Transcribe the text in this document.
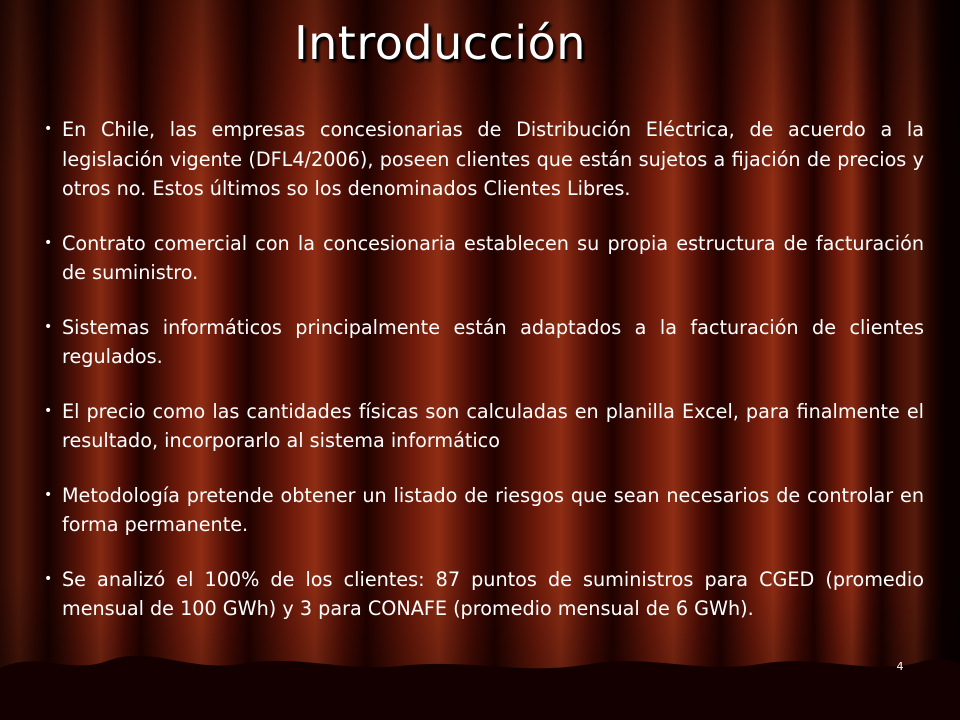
Introducción
• En Chile, las empresas concesionarias de Distribución Eléctrica, de acuerdo a la legislación vigente (DFL4/2006), poseen clientes que están sujetos a fijación de precios y otros no. Estos últimos so los denominados Clientes Libres.
• Contrato comercial con la concesionaria establecen su propia estructura de facturación de suministro.
• Sistemas informáticos principalmente están adaptados a la facturación de clientes regulados.
• El precio como las cantidades físicas son calculadas en planilla Excel, para finalmente el resultado, incorporarlo al sistema informático
• Metodología pretende obtener un listado de riesgos que sean necesarios de controlar en forma permanente.
• Se analizó el 100% de los clientes: 87 puntos de suministros para CGED (promedio mensual de 100 GWh) y 3 para CONAFE (promedio mensual de 6 GWh).
4
